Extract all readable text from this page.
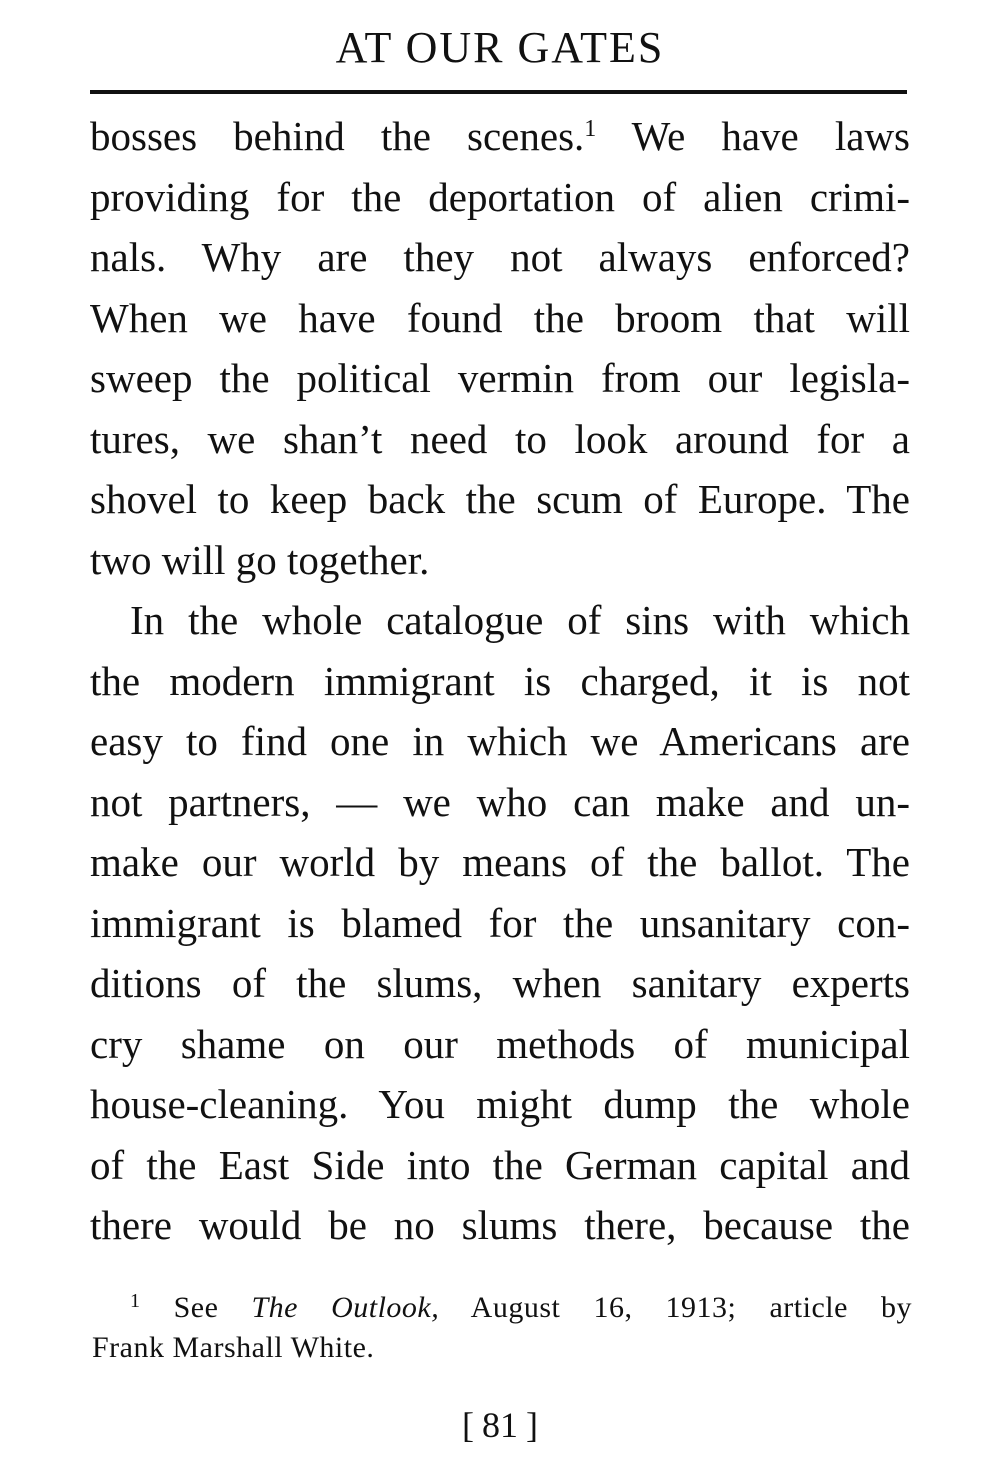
AT OUR GATES
bosses behind the scenes.$^1$ We have laws
providing for the deportation of alien crimi-
nals. Why are they not always enforced?
When we have found the broom that will
sweep the political vermin from our legisla-
tures, we shan’t need to look around for a
shovel to keep back the scum of Europe. The
two will go together.
In the whole catalogue of sins with which
the modern immigrant is charged, it is not
easy to find one in which we Americans are
not partners, — we who can make and un-
make our world by means of the ballot. The
immigrant is blamed for the unsanitary con-
ditions of the slums, when sanitary experts
cry shame on our methods of municipal
house-cleaning. You might dump the whole
of the East Side into the German capital and
there would be no slums there, because the
$^1$ See The Outlook, August 16, 1913; article by
Frank Marshall White.
[ 81 ]
